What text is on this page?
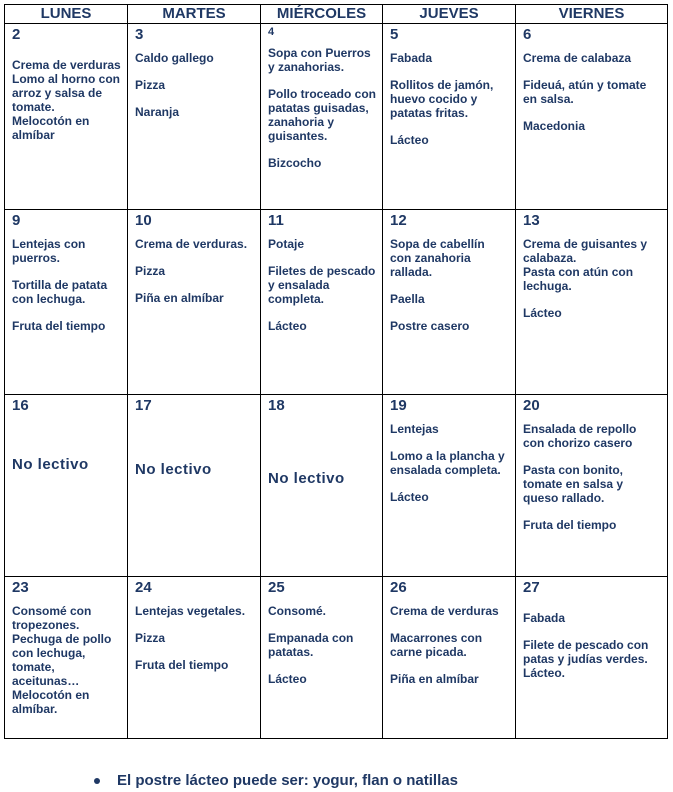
LUNES	MARTES	MIÉRCOLES	JUEVES	VIERNES

2
Crema de verduras
Lomo al horno con arroz y salsa de tomate.
Melocotón en almíbar	3
Caldo gallego
Pizza
Naranja	4
Sopa con Puerros y zanahorias.
Pollo troceado con patatas guisadas, zanahoria y guisantes.
Bizcocho	5
Fabada
Rollitos de jamón, huevo cocido y patatas fritas.
Lácteo	6
Crema de calabaza
Fideuá, atún y tomate en salsa.
Macedonia

9
Lentejas con puerros.
Tortilla de patata con lechuga.
Fruta del tiempo	10
Crema de verduras.
Pizza
Piña en almíbar	11
Potaje
Filetes de pescado y ensalada completa.
Lácteo	12
Sopa de cabellín con zanahoria rallada.
Paella
Postre casero	13
Crema de guisantes y calabaza.
Pasta con atún con lechuga.
Lácteo

16
No lectivo	17
No lectivo	18
No lectivo	19
Lentejas
Lomo a la plancha y ensalada completa.
Lácteo	20
Ensalada de repollo con chorizo casero
Pasta con bonito, tomate en salsa y queso rallado.
Fruta del tiempo

23
Consomé con tropezones.
Pechuga de pollo con lechuga, tomate, aceitunas…
Melocotón en almíbar.	24
Lentejas vegetales.
Pizza
Fruta del tiempo	25
Consomé.
Empanada con patatas.
Lácteo	26
Crema de verduras
Macarrones con carne picada.
Piña en almíbar	27
Fabada
Filete de pescado con patas y judías verdes.
Lácteo.
El postre lácteo puede ser: yogur, flan o natillas
